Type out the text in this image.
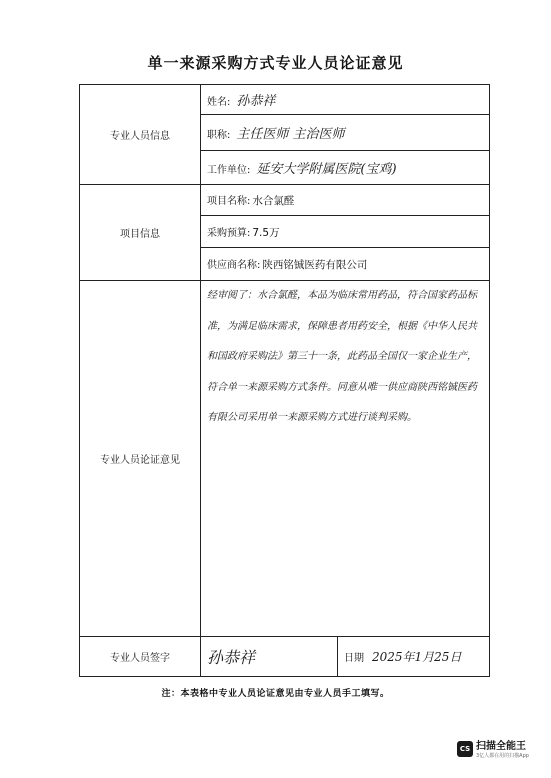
单一来源采购方式专业人员论证意见
专业人员信息	姓名: 孙恭祥	
	职称: 主任医师 主治医师	
	工作单位: 延安大学附属医院(宝鸡)	
项目信息	项目名称: 水合氯醛	
	采购预算: 7.5万	
	供应商名称: 陕西铭铖医药有限公司	
专业人员论证意见	经审阅了：水合氯醛，本品为临床常用药品，符合国家药品标准，为满足临床需求，保障患者用药安全，根据《中华人民共和国政府采购法》第三十一条，此药品全国仅一家企业生产，符合单一来源采购方式条件。同意从唯一供应商陕西铭铖医药有限公司采用单一来源采购方式进行谈判采购。	
专业人员签字	孙恭祥	日期 2025年1月25日
注：本表格中专业人员论证意见由专业人员手工填写。
CS 扫描全能王
3亿人都在用的扫描App
